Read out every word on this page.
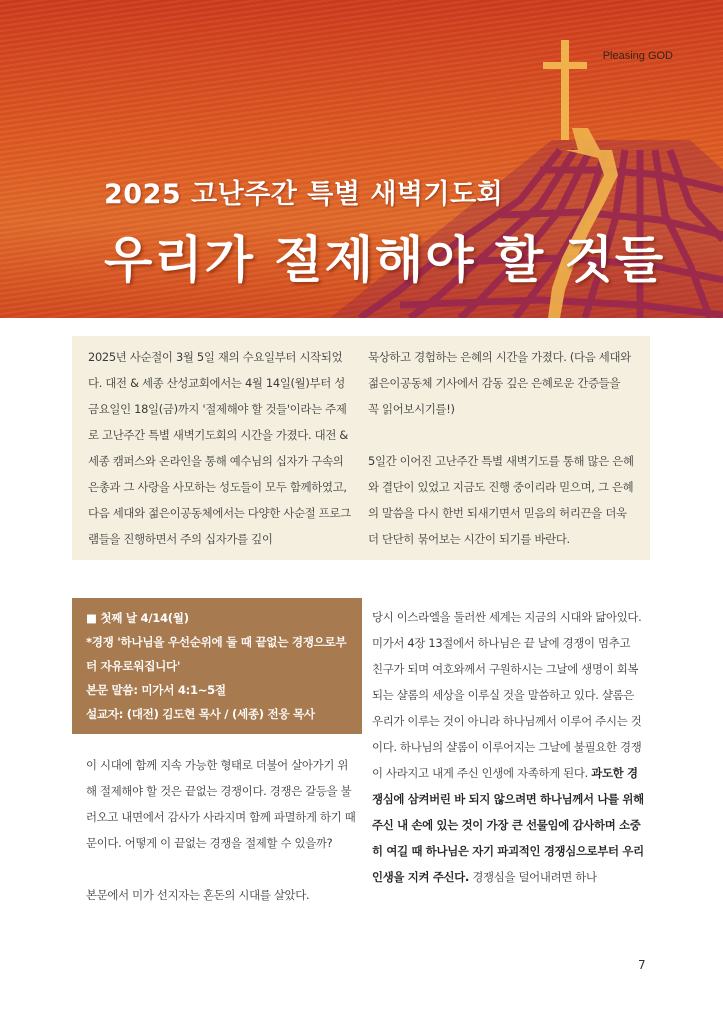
Pleasing GOD
2025 고난주간 특별 새벽기도회
우리가 절제해야 할 것들

2025년 사순절이 3월 5일 재의 수요일부터 시작되었다. 대전 & 세종 산성교회에서는 4월 14일(월)부터 성금요일인 18일(금)까지 '절제해야 할 것들'이라는 주제로 고난주간 특별 새벽기도회의 시간을 가졌다. 대전 & 세종 캠퍼스와 온라인을 통해 예수님의 십자가 구속의 은총과 그 사랑을 사모하는 성도들이 모두 함께하였고, 다음 세대와 젊은이공동체에서는 다양한 사순절 프로그램들을 진행하면서 주의 십자가를 깊이

묵상하고 경험하는 은혜의 시간을 가졌다. (다음 세대와 젊은이공동체 기사에서 감동 깊은 은혜로운 간증들을 꼭 읽어보시기를!)

5일간 이어진 고난주간 특별 새벽기도를 통해 많은 은혜와 결단이 있었고 지금도 진행 중이리라 믿으며, 그 은혜의 말씀을 다시 한번 되새기면서 믿음의 허리끈을 더욱더 단단히 묶어보는 시간이 되기를 바란다.

■ 첫째 날 4/14(월)

*경쟁 '하나님을 우선순위에 둘 때 끝없는 경쟁으로부터 자유로워집니다'

본문 말씀: 미가서 4:1~5절

설교자: (대전) 김도현 목사 / (세종) 전웅 목사

이 시대에 함께 지속 가능한 형태로 더불어 살아가기 위해 절제해야 할 것은 끝없는 경쟁이다. 경쟁은 갈등을 불러오고 내면에서 감사가 사라지며 함께 파멸하게 하기 때문이다. 어떻게 이 끝없는 경쟁을 절제할 수 있을까?

본문에서 미가 선지자는 혼돈의 시대를 살았다.

당시 이스라엘을 둘러싼 세계는 지금의 시대와 닮아있다. 미가서 4장 13절에서 하나님은 끝 날에 경쟁이 멈추고 친구가 되며 여호와께서 구원하시는 그날에 생명이 회복되는 샬롬의 세상을 이루실 것을 말씀하고 있다. 샬롬은 우리가 이루는 것이 아니라 하나님께서 이루어 주시는 것이다. 하나님의 샬롬이 이루어지는 그날에 불필요한 경쟁이 사라지고 내게 주신 인생에 자족하게 된다. 과도한 경쟁심에 삼켜버린 바 되지 않으려면 하나님께서 나를 위해 주신 내 손에 있는 것이 가장 큰 선물임에 감사하며 소중히 여길 때 하나님은 자기 파괴적인 경쟁심으로부터 우리 인생을 지켜 주신다. 경쟁심을 덜어내려면 하나

7
